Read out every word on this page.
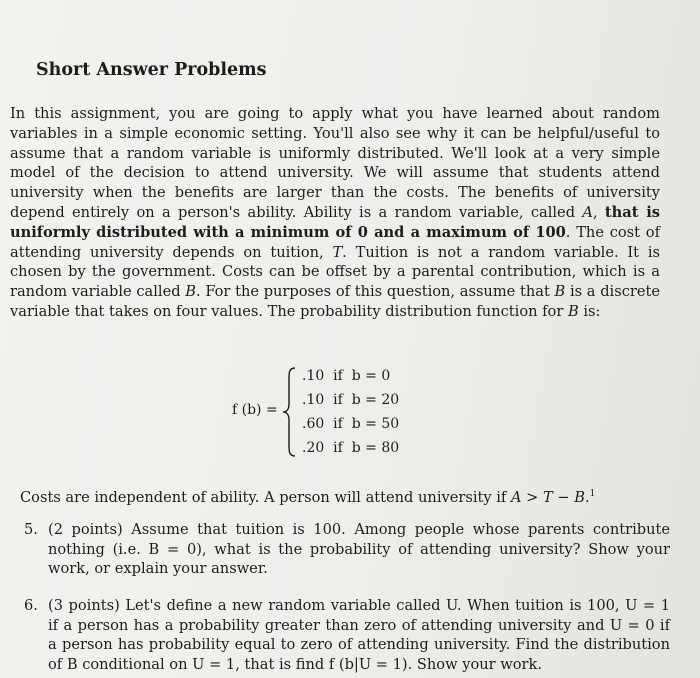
Short Answer Problems

In this assignment, you are going to apply what you have learned about random variables in a simple economic setting. You'll also see why it can be helpful/useful to assume that a random variable is uniformly distributed. We'll look at a very simple model of the decision to attend university. We will assume that students attend university when the benefits are larger than the costs. The benefits of university depend entirely on a person's ability. Ability is a random variable, called A, that is uniformly distributed with a minimum of 0 and a maximum of 100. The cost of attending university depends on tuition, T. Tuition is not a random variable. It is chosen by the government. Costs can be offset by a parental contribution, which is a random variable called B. For the purposes of this question, assume that B is a discrete variable that takes on four values. The probability distribution function for B is:

f (b) =
.10  if  b = 0
.10  if  b = 20
.60  if  b = 50
.20  if  b = 80

Costs are independent of ability. A person will attend university if A > T − B.$^1$

5. (2 points) Assume that tuition is 100. Among people whose parents contribute nothing (i.e. B = 0), what is the probability of attending university? Show your work, or explain your answer.

6. (3 points) Let's define a new random variable called U. When tuition is 100, U = 1 if a person has a probability greater than zero of attending university and U = 0 if a person has probability equal to zero of attending university. Find the distribution of B conditional on U = 1, that is find f (b|U = 1). Show your work.
